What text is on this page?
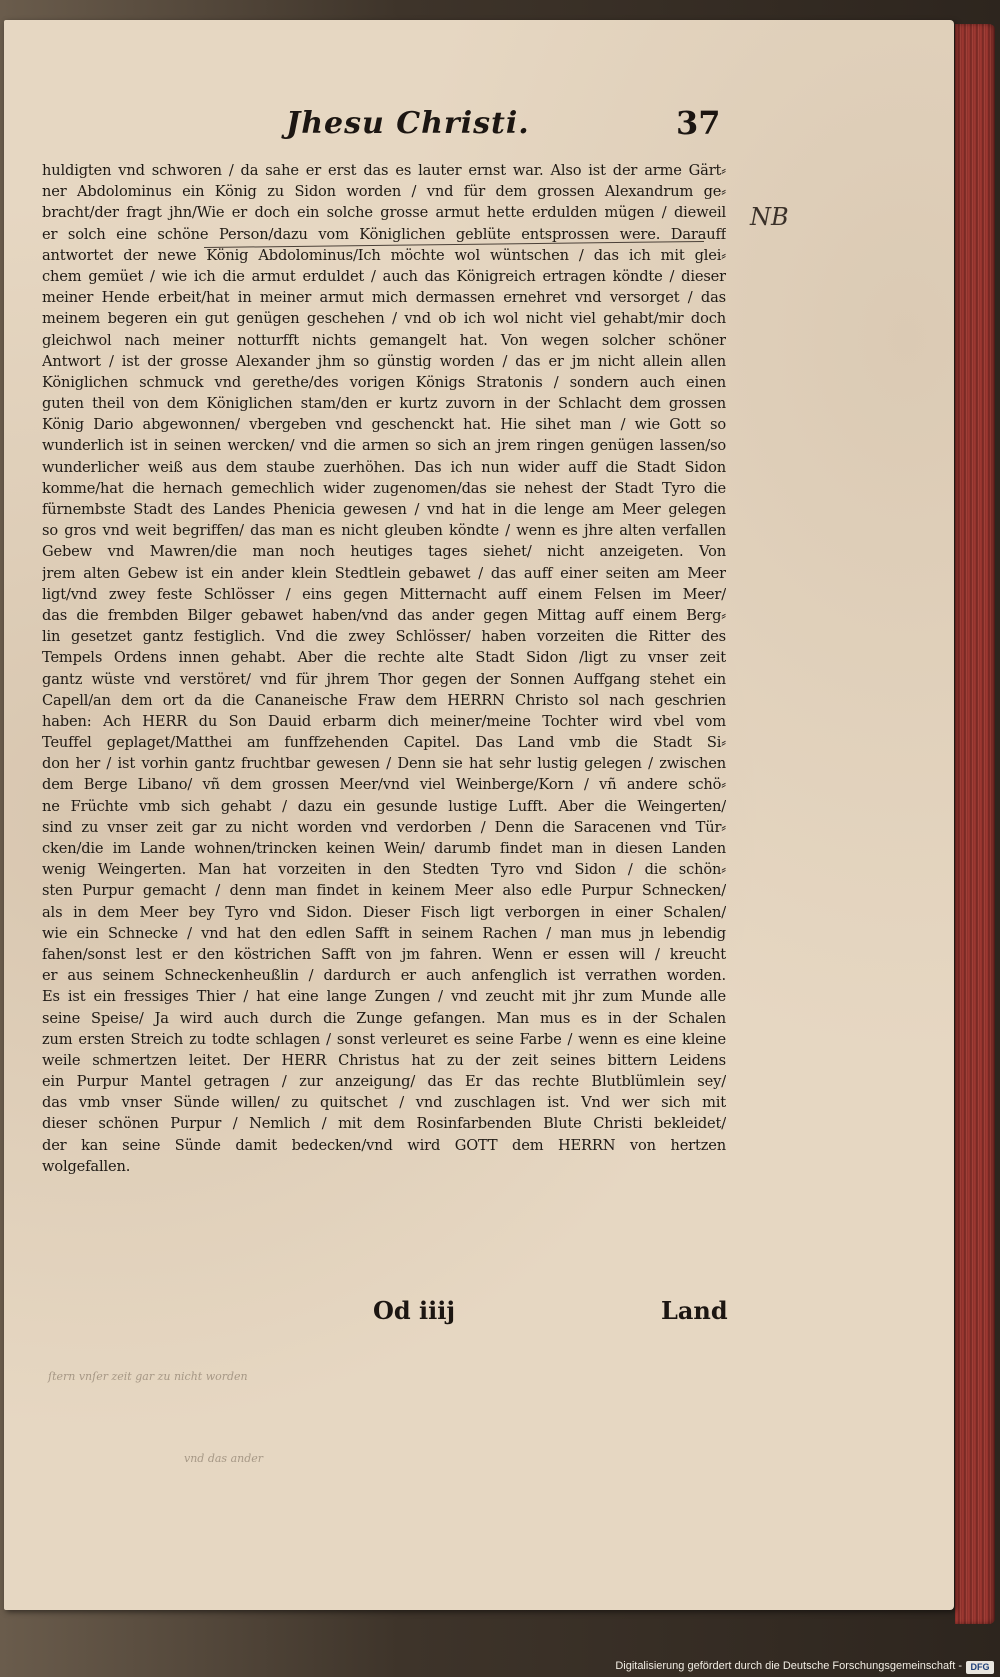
Jhesu Christi.	37
huldigten vnd schworen / da sahe er erst das es lauter ernst war. Also ist der arme Gärt⸗
ner Abdolominus ein König zu Sidon worden / vnd für dem grossen Alexandrum ge⸗
bracht/der fragt jhn/Wie er doch ein solche grosse armut hette erdulden mügen / dieweil
er solch eine schöne Person/dazu vom Königlichen geblüte entsprossen were. Darauff
antwortet der newe König Abdolominus/Ich möchte wol wüntschen / das ich mit glei⸗
chem gemüet / wie ich die armut erduldet / auch das Königreich ertragen köndte / dieser
meiner Hende erbeit/hat in meiner armut mich dermassen ernehret vnd versorget / das
meinem begeren ein gut genügen geschehen / vnd ob ich wol nicht viel gehabt/mir doch
gleichwol nach meiner notturfft nichts gemangelt hat. Von wegen solcher schöner
Antwort / ist der grosse Alexander jhm so günstig worden / das er jm nicht allein allen
Königlichen schmuck vnd gerethe/des vorigen Königs Stratonis / sondern auch einen
guten theil von dem Königlichen stam/den er kurtz zuvorn in der Schlacht dem grossen
König Dario abgewonnen/ vbergeben vnd geschenckt hat. Hie sihet man / wie Gott so
wunderlich ist in seinen wercken/ vnd die armen so sich an jrem ringen genügen lassen/so
wunderlicher weiß aus dem staube zuerhöhen. Das ich nun wider auff die Stadt Sidon
komme/hat die hernach gemechlich wider zugenomen/das sie nehest der Stadt Tyro die
fürnembste Stadt des Landes Phenicia gewesen / vnd hat in die lenge am Meer gelegen
so gros vnd weit begriffen/ das man es nicht gleuben köndte / wenn es jhre alten verfallen
Gebew vnd Mawren/die man noch heutiges tages siehet/ nicht anzeigeten. Von
jrem alten Gebew ist ein ander klein Stedtlein gebawet / das auff einer seiten am Meer
ligt/vnd zwey feste Schlösser / eins gegen Mitternacht auff einem Felsen im Meer/
das die frembden Bilger gebawet haben/vnd das ander gegen Mittag auff einem Berg⸗
lin gesetzet gantz festiglich. Vnd die zwey Schlösser/ haben vorzeiten die Ritter des
Tempels Ordens innen gehabt. Aber die rechte alte Stadt Sidon /ligt zu vnser zeit
gantz wüste vnd verstöret/ vnd für jhrem Thor gegen der Sonnen Auffgang stehet ein
Capell/an dem ort da die Cananeische Fraw dem HERRN Christo sol nach geschrien
haben: Ach HERR du Son Dauid erbarm dich meiner/meine Tochter wird vbel vom
Teuffel geplaget/Matthei am funffzehenden Capitel. Das Land vmb die Stadt Si⸗
don her / ist vorhin gantz fruchtbar gewesen / Denn sie hat sehr lustig gelegen / zwischen
dem Berge Libano/ vñ dem grossen Meer/vnd viel Weinberge/Korn / vñ andere schö⸗
ne Früchte vmb sich gehabt / dazu ein gesunde lustige Lufft. Aber die Weingerten/
sind zu vnser zeit gar zu nicht worden vnd verdorben / Denn die Saracenen vnd Tür⸗
cken/die im Lande wohnen/trincken keinen Wein/ darumb findet man in diesen Landen
wenig Weingerten. Man hat vorzeiten in den Stedten Tyro vnd Sidon / die schön⸗
sten Purpur gemacht / denn man findet in keinem Meer also edle Purpur Schnecken/
als in dem Meer bey Tyro vnd Sidon. Dieser Fisch ligt verborgen in einer Schalen/
wie ein Schnecke / vnd hat den edlen Safft in seinem Rachen / man mus jn lebendig
fahen/sonst lest er den köstrichen Safft von jm fahren. Wenn er essen will / kreucht
er aus seinem Schneckenheußlin / dardurch er auch anfenglich ist verrathen worden.
Es ist ein fressiges Thier / hat eine lange Zungen / vnd zeucht mit jhr zum Munde alle
seine Speise/ Ja wird auch durch die Zunge gefangen. Man mus es in der Schalen
zum ersten Streich zu todte schlagen / sonst verleuret es seine Farbe / wenn es eine kleine
weile schmertzen leitet. Der HERR Christus hat zu der zeit seines bittern Leidens
ein Purpur Mantel getragen / zur anzeigung/ das Er das rechte Blutblümlein sey/
das vmb vnser Sünde willen/ zu quitschet / vnd zuschlagen ist. Vnd wer sich mit
dieser schönen Purpur / Nemlich / mit dem Rosinfarbenden Blute Christi bekleidet/
der kan seine Sünde damit bedecken/vnd wird GOTT dem HERRN von hertzen
wolgefallen.
NB
Od iiij	Land
ſtern vnſer zeit gar zu nicht worden
vnd das ander
Digitalisierung gefördert durch die Deutsche Forschungsgemeinschaft - DFG
